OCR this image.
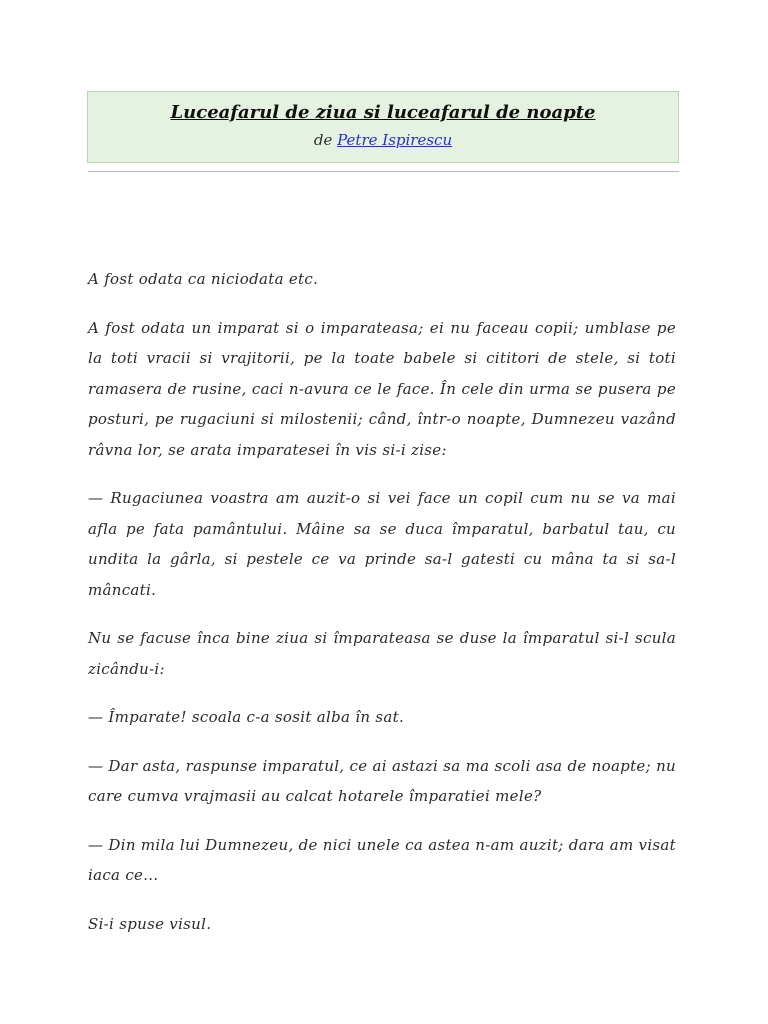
Luceafarul de ziua si luceafarul de noapte
de Petre Ispirescu

A fost odata ca niciodata etc.

A fost odata un imparat si o imparateasa; ei nu faceau copii; umblase pe la toti vracii si vrajitorii, pe la toate babele si cititori de stele, si toti ramasera de rusine, caci n-avura ce le face. În cele din urma se pusera pe posturi, pe rugaciuni si milostenii; când, într-o noapte, Dumnezeu vazând râvna lor, se arata imparatesei în vis si-i zise:

— Rugaciunea voastra am auzit-o si vei face un copil cum nu se va mai afla pe fata pamântului. Mâine sa se duca împaratul, barbatul tau, cu undita la gârla, si pestele ce va prinde sa-l gatesti cu mâna ta si sa-l mâncati.

Nu se facuse înca bine ziua si împarateasa se duse la împaratul si-l scula zicându-i:

— Împarate! scoala c-a sosit alba în sat.

— Dar asta, raspunse imparatul, ce ai astazi sa ma scoli asa de noapte; nu care cumva vrajmasii au calcat hotarele împaratiei mele?

— Din mila lui Dumnezeu, de nici unele ca astea n-am auzit; dara am visat iaca ce...

Si-i spuse visul.
